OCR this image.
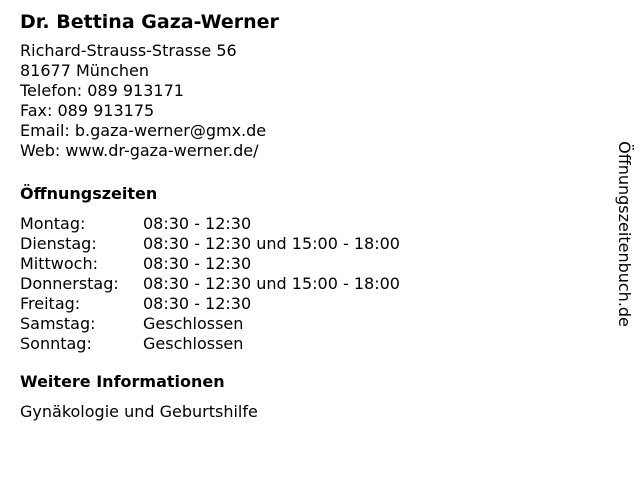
Dr. Bettina Gaza-Werner
Richard-Strauss-Strasse 56
81677 München
Telefon: 089 913171
Fax: 089 913175
Email: b.gaza-werner@gmx.de
Web: www.dr-gaza-werner.de/
Öffnungszeiten
Montag:	08:30 - 12:30
Dienstag:	08:30 - 12:30 und 15:00 - 18:00
Mittwoch:	08:30 - 12:30
Donnerstag:	08:30 - 12:30 und 15:00 - 18:00
Freitag:	08:30 - 12:30
Samstag:	Geschlossen
Sonntag:	Geschlossen
Weitere Informationen
Gynäkologie und Geburtshilfe
Öffnungszeitenbuch.de
